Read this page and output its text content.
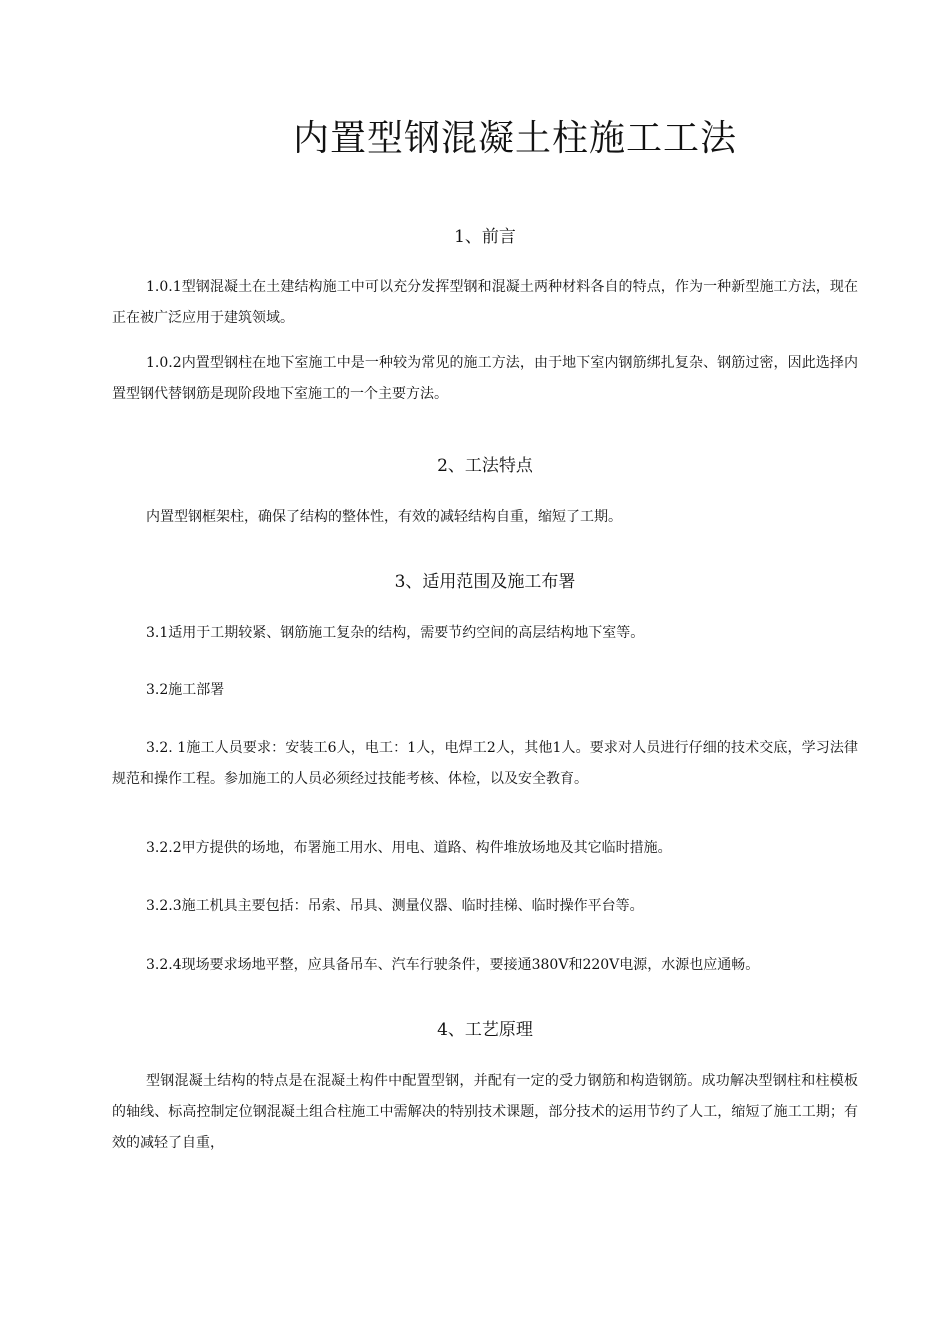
内置型钢混凝土柱施工工法
1、前言

1.0.1型钢混凝土在土建结构施工中可以充分发挥型钢和混凝土两种材料各自的特点，作为一种新型施工方法，现在正在被广泛应用于建筑领域。

1.0.2内置型钢柱在地下室施工中是一种较为常见的施工方法，由于地下室内钢筋绑扎复杂、钢筋过密，因此选择内置型钢代替钢筋是现阶段地下室施工的一个主要方法。

2、工法特点

内置型钢框架柱，确保了结构的整体性，有效的减轻结构自重，缩短了工期。

3、适用范围及施工布署

3.1适用于工期较紧、钢筋施工复杂的结构，需要节约空间的高层结构地下室等。

3.2施工部署

3.2. 1施工人员要求：安装工6人，电工：1人，电焊工2人，其他1人。要求对人员进行仔细的技术交底，学习法律规范和操作工程。参加施工的人员必须经过技能考核、体检，以及安全教育。

3.2.2甲方提供的场地，布署施工用水、用电、道路、构件堆放场地及其它临时措施。

3.2.3施工机具主要包括：吊索、吊具、测量仪器、临时挂梯、临时操作平台等。

3.2.4现场要求场地平整，应具备吊车、汽车行驶条件，要接通380V和220V电源，水源也应通畅。

4、工艺原理

型钢混凝土结构的特点是在混凝土构件中配置型钢，并配有一定的受力钢筋和构造钢筋。成功解决型钢柱和柱模板的轴线、标高控制定位钢混凝土组合柱施工中需解决的特别技术课题，部分技术的运用节约了人工，缩短了施工工期；有效的减轻了自重，
